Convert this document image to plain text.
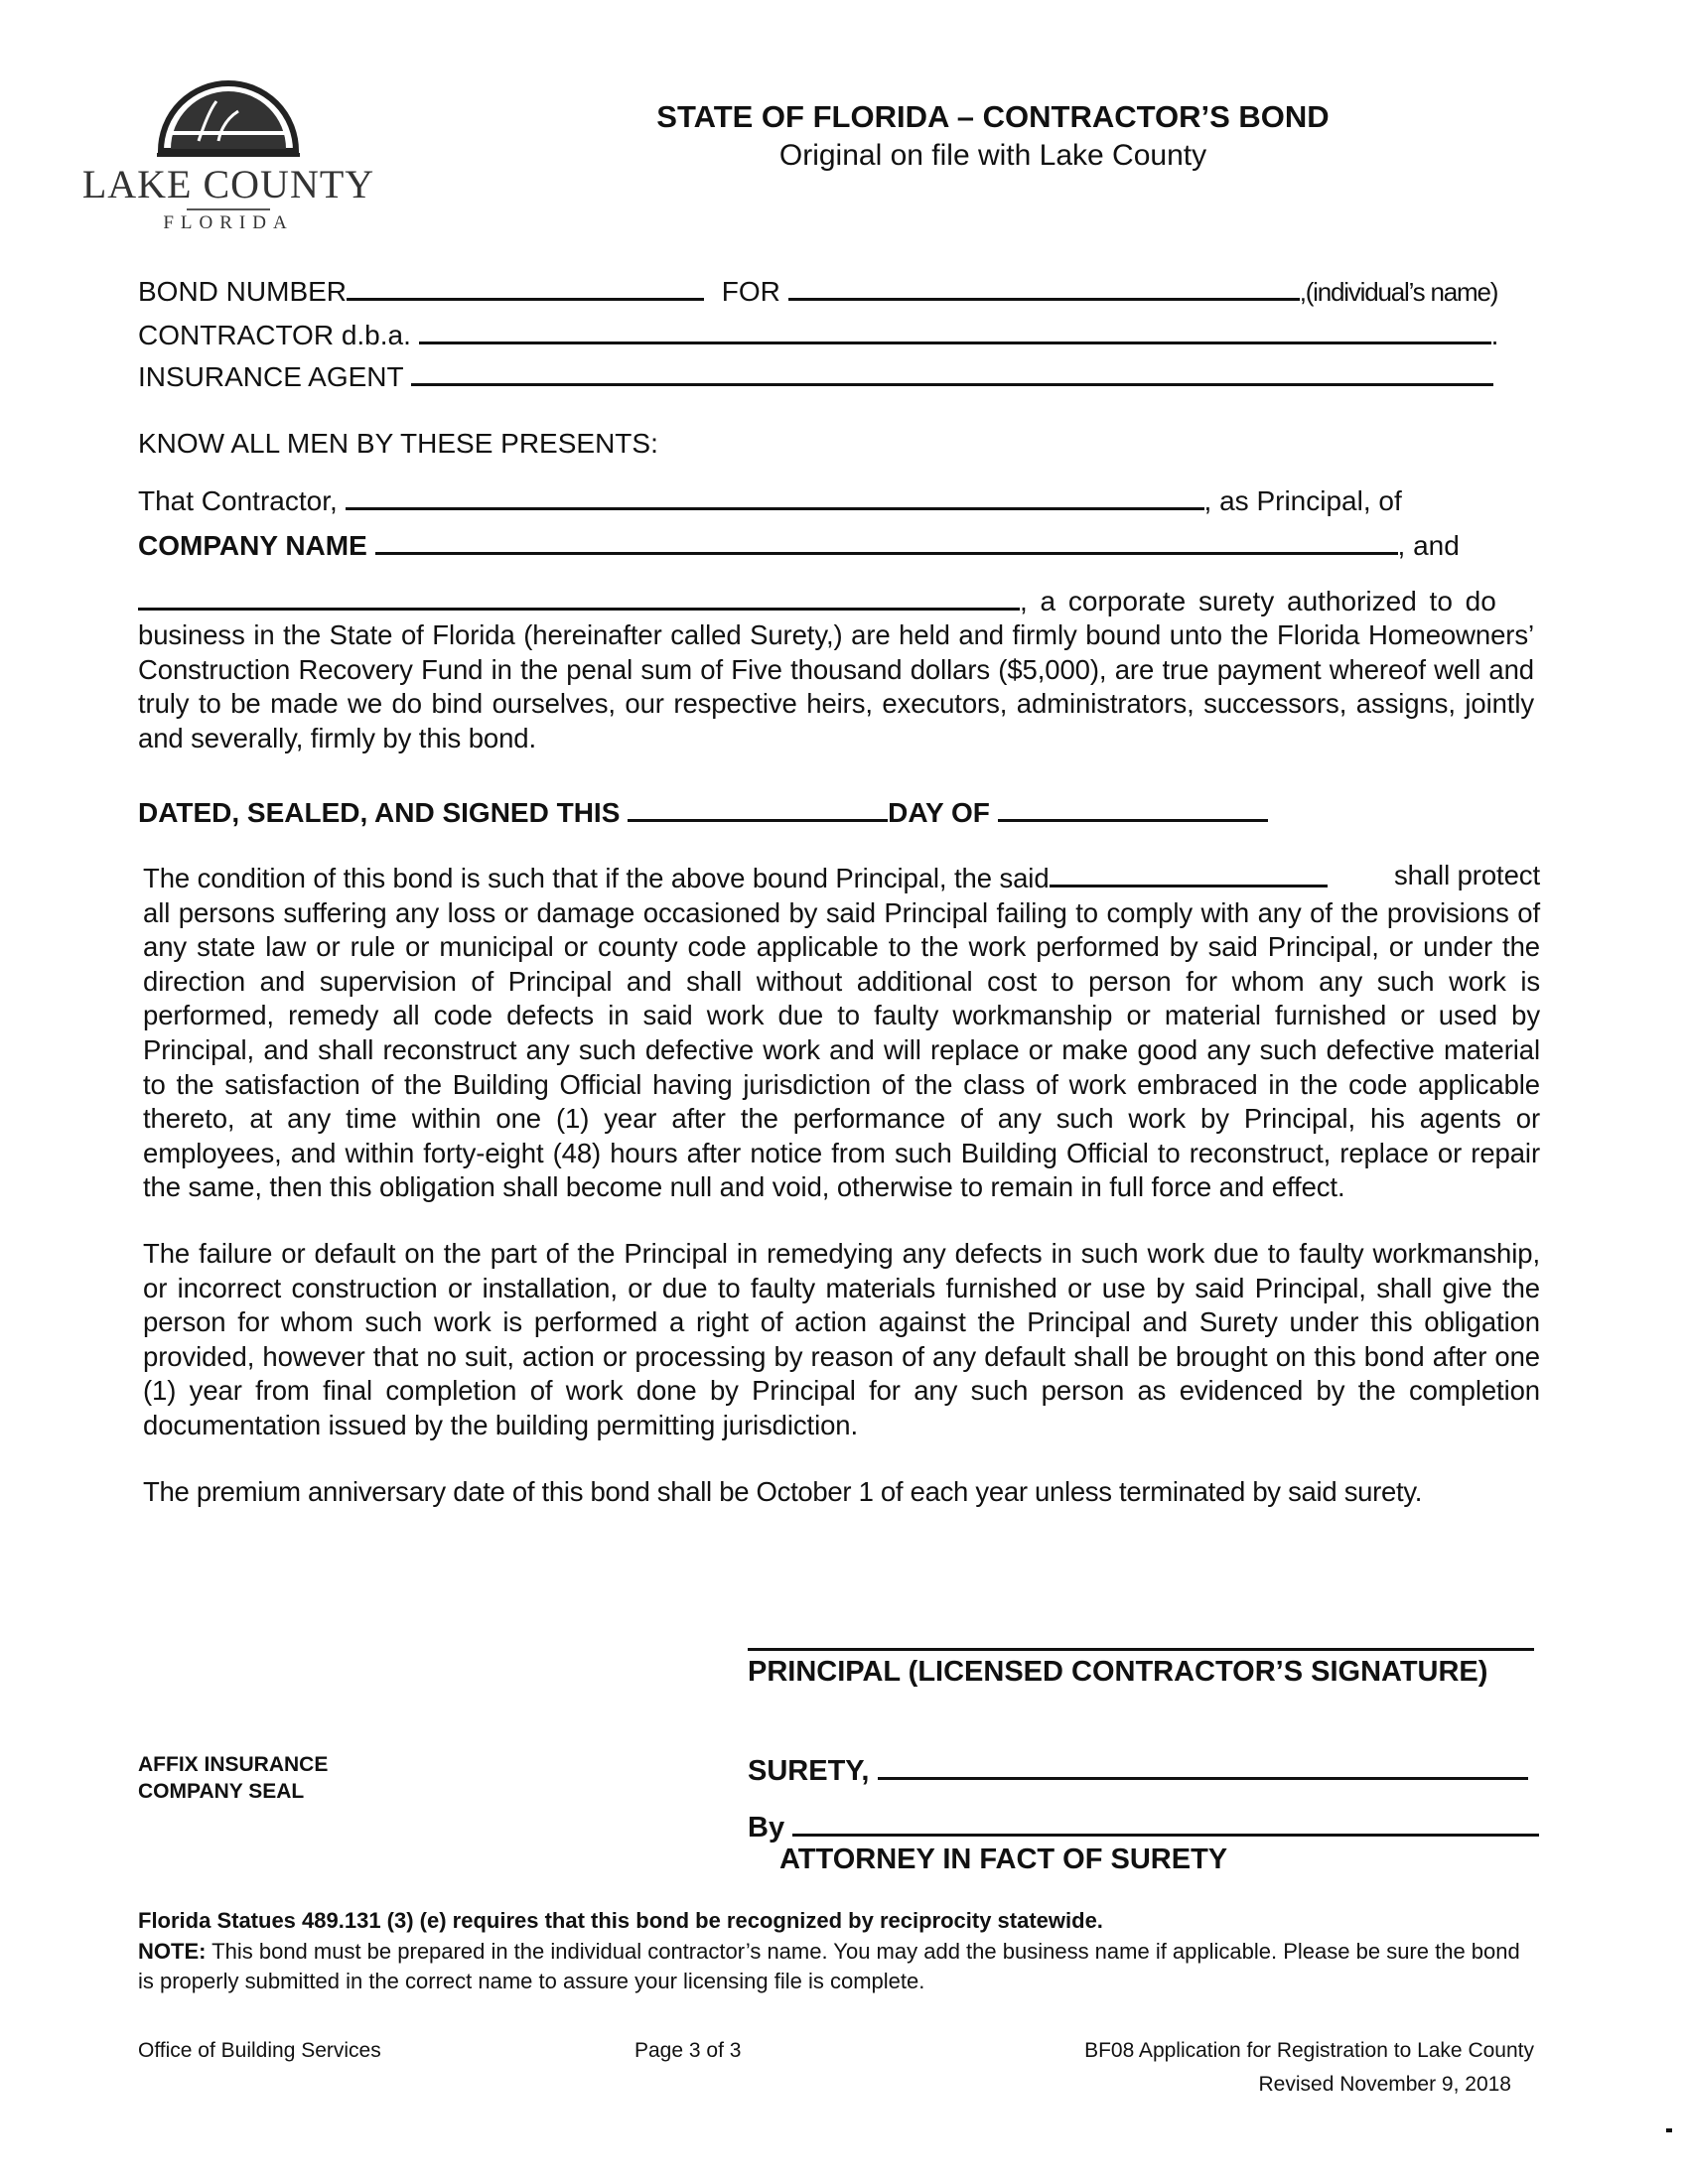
LAKE COUNTY
FLORIDA
STATE OF FLORIDA – CONTRACTOR’S BOND
Original on file with Lake County
BOND NUMBER	FOR	,(individual’s name)
CONTRACTOR d.b.a.	.
INSURANCE AGENT
KNOW ALL MEN BY THESE PRESENTS:
That Contractor,	, as Principal, of
COMPANY NAME	, and
, a corporate surety authorized to do
business in the State of Florida (hereinafter called Surety,) are held and firmly bound unto the Florida Homeowners’ Construction Recovery Fund in the penal sum of Five thousand dollars ($5,000), are true payment whereof well and truly to be made we do bind ourselves, our respective heirs, executors, administrators, successors, assigns, jointly and severally, firmly by this bond.
DATED, SEALED, AND SIGNED THIS	DAY OF
The condition of this bond is such that if the above bound Principal, the said	shall protect
all persons suffering any loss or damage occasioned by said Principal failing to comply with any of the provisions of any state law or rule or municipal or county code applicable to the work performed by said Principal, or under the direction and supervision of Principal and shall without additional cost to person for whom any such work is performed, remedy all code defects in said work due to faulty workmanship or material furnished or used by Principal, and shall reconstruct any such defective work and will replace or make good any such defective material to the satisfaction of the Building Official having jurisdiction of the class of work embraced in the code applicable thereto, at any time within one (1) year after the performance of any such work by Principal, his agents or employees, and within forty-eight (48) hours after notice from such Building Official to reconstruct, replace or repair the same, then this obligation shall become null and void, otherwise to remain in full force and effect.
The failure or default on the part of the Principal in remedying any defects in such work due to faulty workmanship, or incorrect construction or installation, or due to faulty materials furnished or use by said Principal, shall give the person for whom such work is performed a right of action against the Principal and Surety under this obligation provided, however that no suit, action or processing by reason of any default shall be brought on this bond after one (1) year from final completion of work done by Principal for any such person as evidenced by the completion documentation issued by the building permitting jurisdiction.
The premium anniversary date of this bond shall be October 1 of each year unless terminated by said surety.
PRINCIPAL (LICENSED CONTRACTOR’S SIGNATURE)
AFFIX INSURANCE
COMPANY SEAL
SURETY,
By
ATTORNEY IN FACT OF SURETY
Florida Statues 489.131 (3) (e) requires that this bond be recognized by reciprocity statewide.
NOTE: This bond must be prepared in the individual contractor’s name. You may add the business name if applicable. Please be sure the bond is properly submitted in the correct name to assure your licensing file is complete.
Office of Building Services	Page 3 of 3	BF08 Application for Registration to Lake County
Revised November 9, 2018
